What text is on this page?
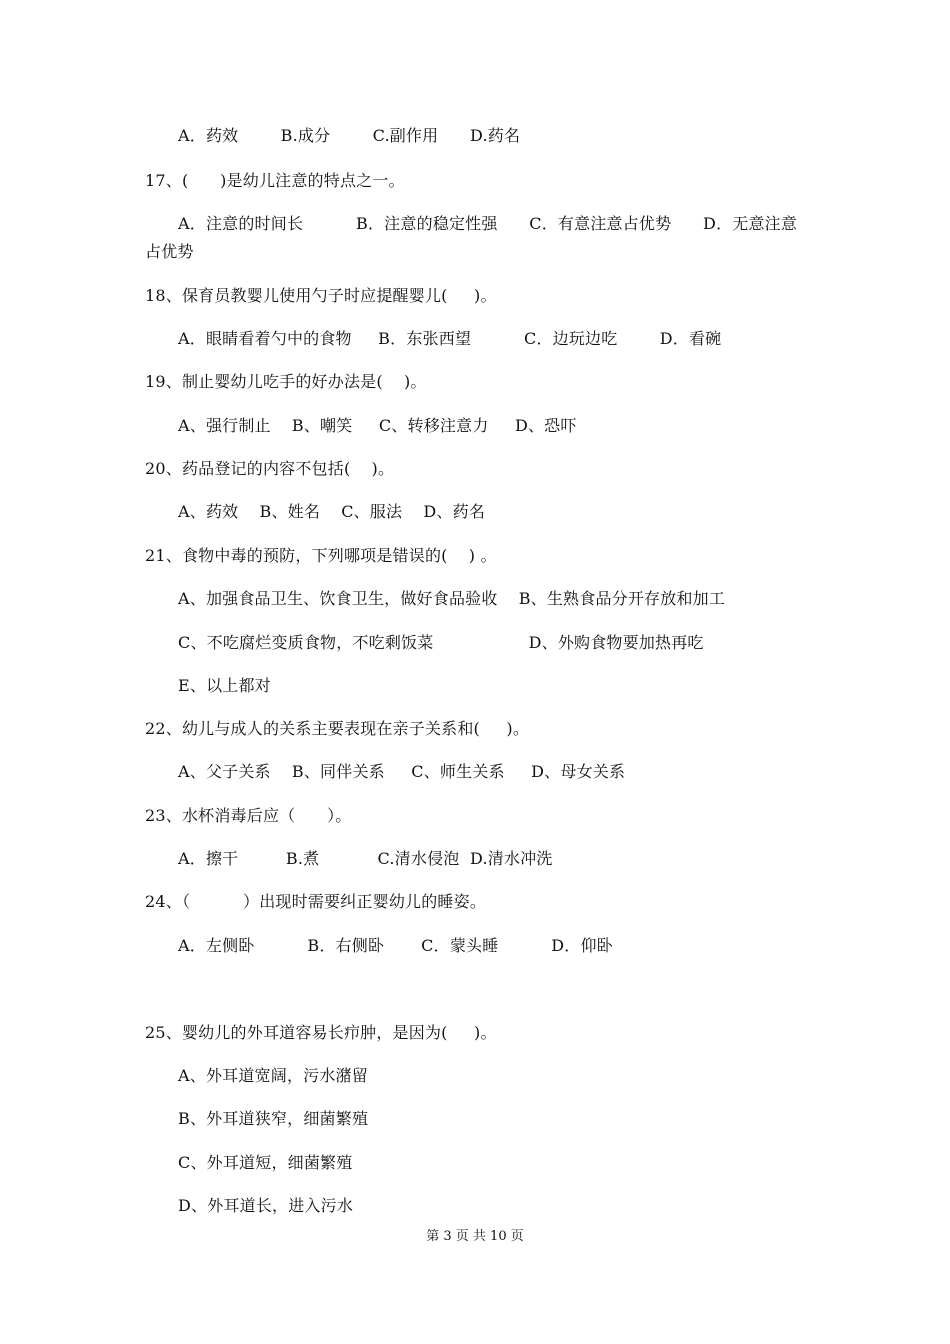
A．药效        B.成分        C.副作用      D.药名
17、(      )是幼儿注意的特点之一。
A．注意的时间长          B．注意的稳定性强      C．有意注意占优势      D．无意注意
占优势
18、保育员教婴儿使用勺子时应提醒婴儿(     )。
A．眼睛看着勺中的食物     B．东张西望          C．边玩边吃        D．看碗
19、制止婴幼儿吃手的好办法是(    )。
A、强行制止    B、嘲笑     C、转移注意力     D、恐吓
20、药品登记的内容不包括(    )。
A、药效    B、姓名    C、服法    D、药名
21、食物中毒的预防，下列哪项是错误的(    ) 。
A、加强食品卫生、饮食卫生，做好食品验收    B、生熟食品分开存放和加工
C、不吃腐烂变质食物，不吃剩饭菜                  D、外购食物要加热再吃
E、以上都对
22、幼儿与成人的关系主要表现在亲子关系和(     )。
A、父子关系    B、同伴关系     C、师生关系     D、母女关系
23、水杯消毒后应（      ）。
A．擦干         B.煮           C.清水侵泡  D.清水冲洗
24、（          ）出现时需要纠正婴幼儿的睡姿。
A．左侧卧          B．右侧卧       C．蒙头睡          D．仰卧
25、婴幼儿的外耳道容易长疖肿，是因为(     )。
A、外耳道宽阔，污水潴留
B、外耳道狭窄，细菌繁殖
C、外耳道短，细菌繁殖
D、外耳道长，进入污水
第 3 页 共 10 页
